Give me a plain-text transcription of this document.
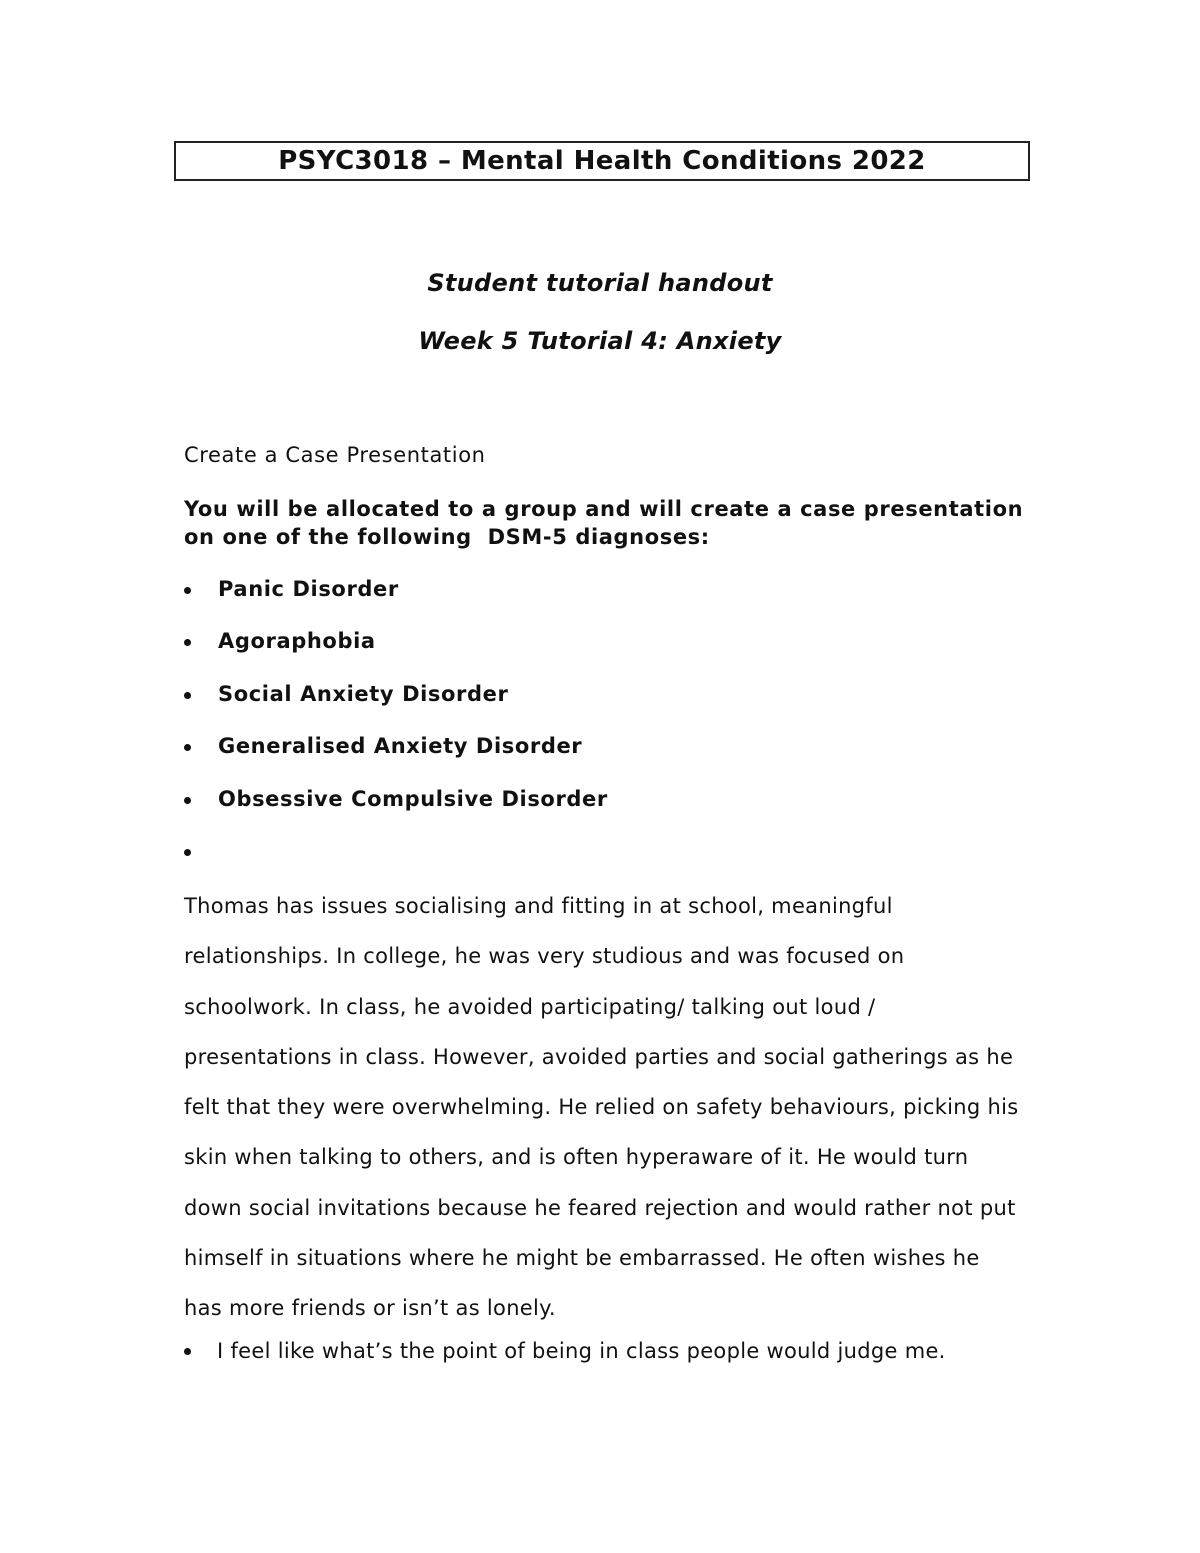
PSYC3018 – Mental Health Conditions 2022
Student tutorial handout
Week 5 Tutorial 4: Anxiety
Create a Case Presentation
You will be allocated to a group and will create a case presentation
on one of the following  DSM-5 diagnoses:
Panic Disorder
Agoraphobia
Social Anxiety Disorder
Generalised Anxiety Disorder
Obsessive Compulsive Disorder
Thomas has issues socialising and fitting in at school, meaningful
relationships. In college, he was very studious and was focused on
schoolwork. In class, he avoided participating/ talking out loud /
presentations in class. However, avoided parties and social gatherings as he
felt that they were overwhelming. He relied on safety behaviours, picking his
skin when talking to others, and is often hyperaware of it. He would turn
down social invitations because he feared rejection and would rather not put
himself in situations where he might be embarrassed. He often wishes he
has more friends or isn’t as lonely.
I feel like what’s the point of being in class people would judge me.
